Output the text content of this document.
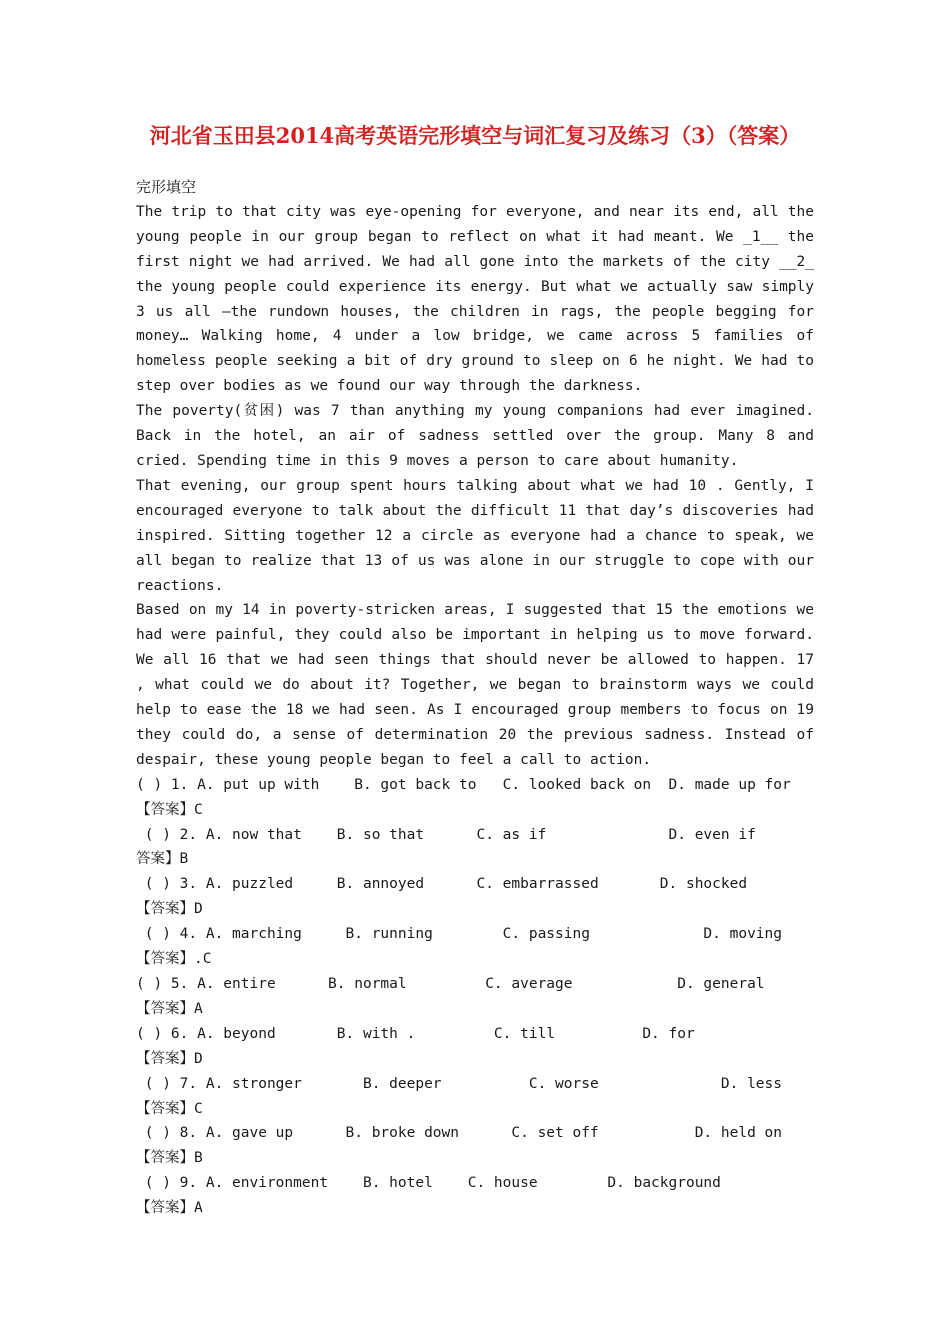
河北省玉田县2014高考英语完形填空与词汇复习及练习（3）（答案）
完形填空
The trip to that city was eye-opening for everyone, and near its end, all the young people in our group began to reflect on what it had meant. We _1__ the first night we had arrived. We had all gone into the markets of the city __2_ the young people could experience its energy. But what we actually saw simply 3 us all –the rundown houses, the children in rags, the people begging for money… Walking home, 4 under a low bridge, we came across 5 families of homeless people seeking a bit of dry ground to sleep on 6 he night. We had to step over bodies as we found our way through the darkness.
The poverty(贫困) was 7 than anything my young companions had ever imagined. Back in the hotel, an air of sadness settled over the group. Many 8 and cried. Spending time in this 9 moves a person to care about humanity.
That evening, our group spent hours talking about what we had 10 . Gently, I encouraged everyone to talk about the difficult 11 that day’s discoveries had inspired. Sitting together 12 a circle as everyone had a chance to speak, we all began to realize that 13 of us was alone in our struggle to cope with our reactions.
Based on my 14 in poverty-stricken areas, I suggested that 15 the emotions we had were painful, they could also be important in helping us to move forward. We all 16 that we had seen things that should never be allowed to happen. 17 , what could we do about it? Together, we began to brainstorm ways we could help to ease the 18 we had seen. As I encouraged group members to focus on 19 they could do, a sense of determination 20 the previous sadness. Instead of despair, these young people began to feel a call to action.
( ) 1. A. put up with    B. got back to   C. looked back on  D. made up for
【答案】C
( ) 2. A. now that    B. so that      C. as if              D. even if
答案】B
( ) 3. A. puzzled     B. annoyed      C. embarrassed       D. shocked
【答案】D
( ) 4. A. marching     B. running        C. passing             D. moving
【答案】.C
( ) 5. A. entire      B. normal         C. average            D. general
【答案】A
( ) 6. A. beyond       B. with .         C. till          D. for
【答案】D
( ) 7. A. stronger       B. deeper          C. worse              D. less
【答案】C
( ) 8. A. gave up      B. broke down      C. set off           D. held on
【答案】B
( ) 9. A. environment    B. hotel    C. house        D. background
【答案】A
